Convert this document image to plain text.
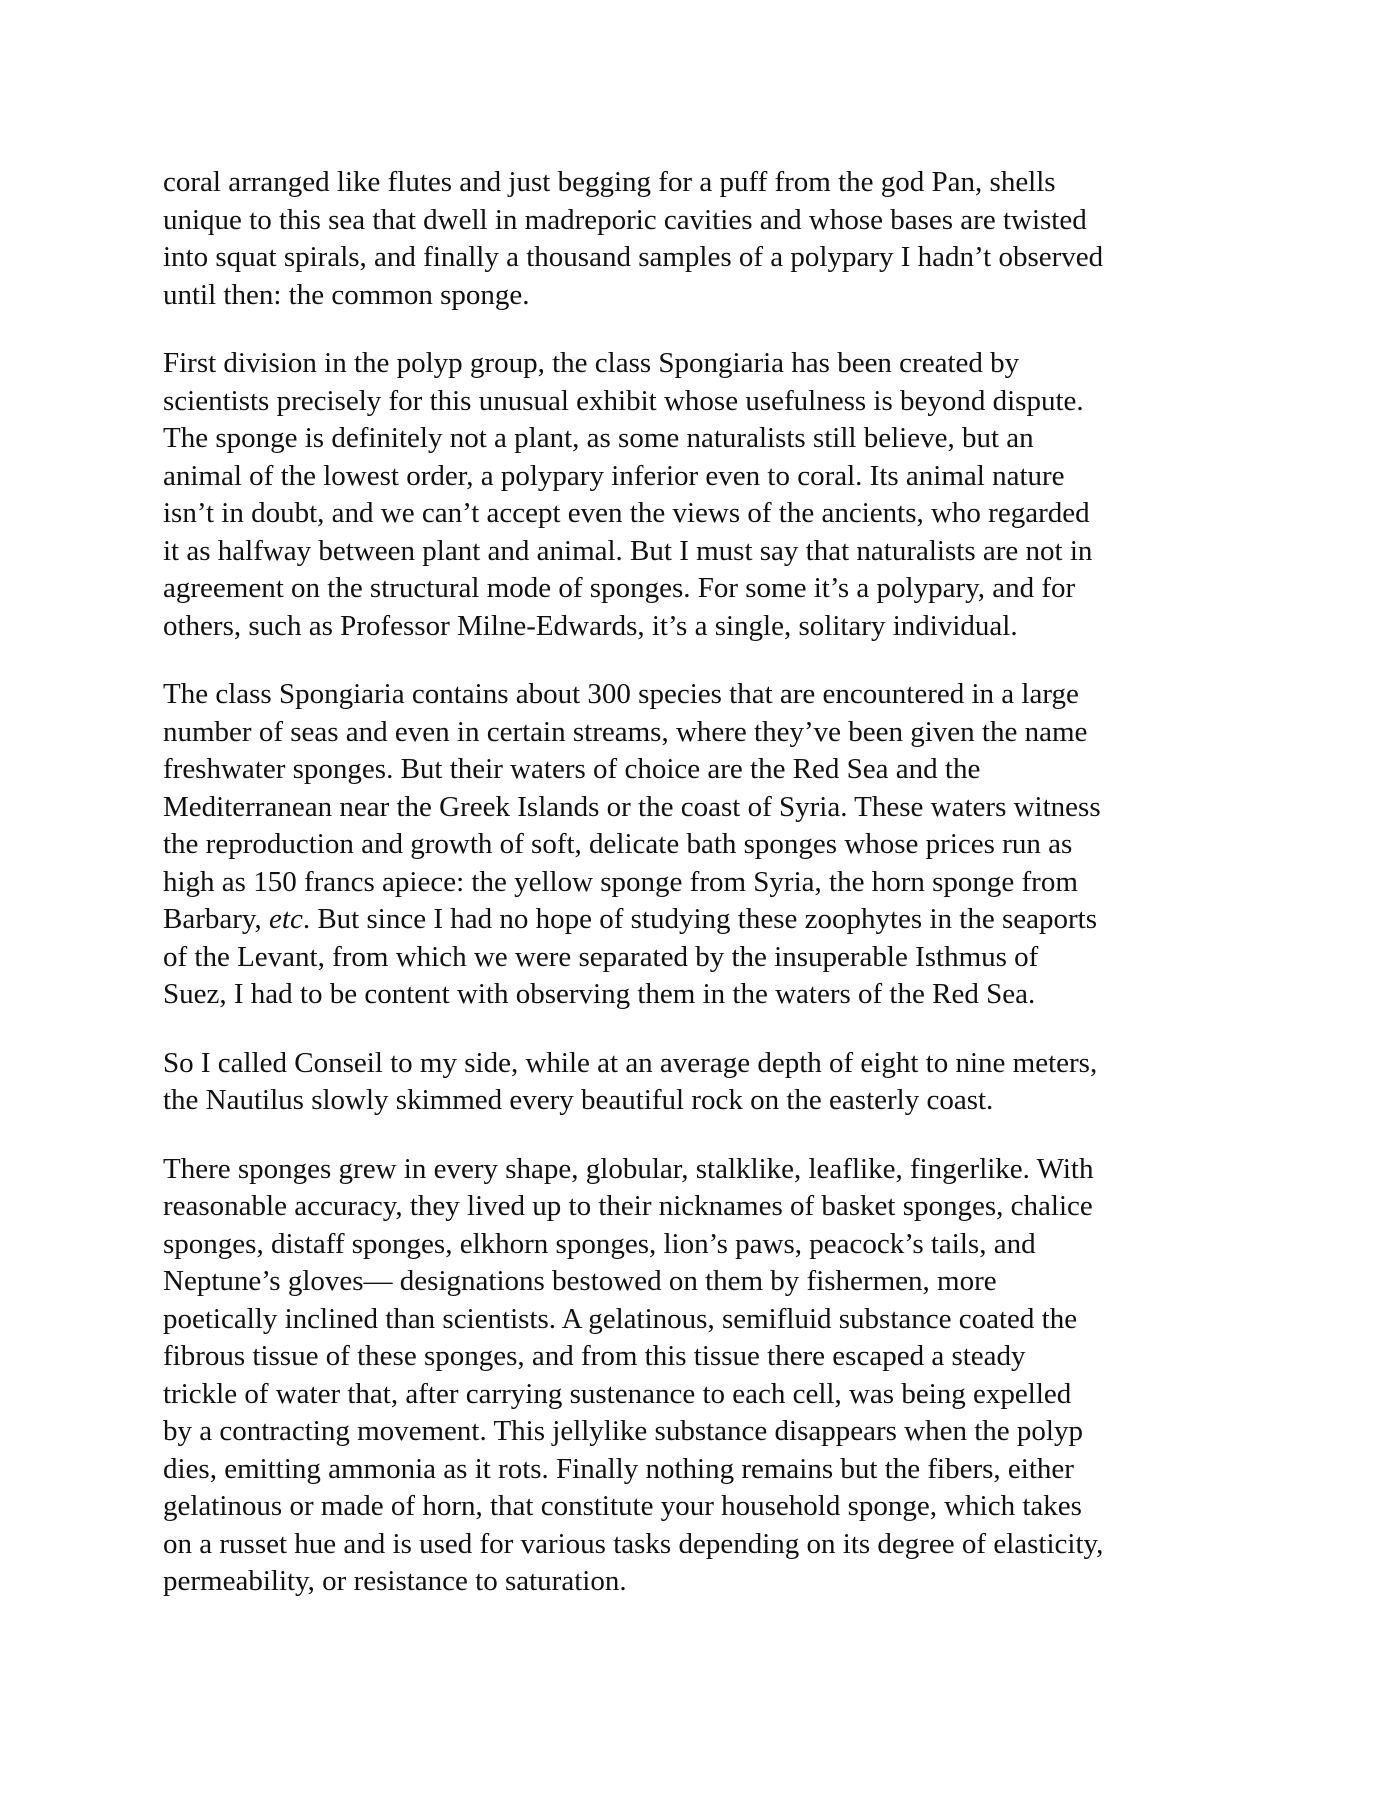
coral arranged like flutes and just begging for a puff from the god Pan, shells
unique to this sea that dwell in madreporic cavities and whose bases are twisted
into squat spirals, and finally a thousand samples of a polypary I hadn’t observed
until then: the common sponge.

First division in the polyp group, the class Spongiaria has been created by
scientists precisely for this unusual exhibit whose usefulness is beyond dispute.
The sponge is definitely not a plant, as some naturalists still believe, but an
animal of the lowest order, a polypary inferior even to coral. Its animal nature
isn’t in doubt, and we can’t accept even the views of the ancients, who regarded
it as halfway between plant and animal. But I must say that naturalists are not in
agreement on the structural mode of sponges. For some it’s a polypary, and for
others, such as Professor Milne-Edwards, it’s a single, solitary individual.

The class Spongiaria contains about 300 species that are encountered in a large
number of seas and even in certain streams, where they’ve been given the name
freshwater sponges. But their waters of choice are the Red Sea and the
Mediterranean near the Greek Islands or the coast of Syria. These waters witness
the reproduction and growth of soft, delicate bath sponges whose prices run as
high as 150 francs apiece: the yellow sponge from Syria, the horn sponge from
Barbary, etc. But since I had no hope of studying these zoophytes in the seaports
of the Levant, from which we were separated by the insuperable Isthmus of
Suez, I had to be content with observing them in the waters of the Red Sea.

So I called Conseil to my side, while at an average depth of eight to nine meters,
the Nautilus slowly skimmed every beautiful rock on the easterly coast.

There sponges grew in every shape, globular, stalklike, leaflike, fingerlike. With
reasonable accuracy, they lived up to their nicknames of basket sponges, chalice
sponges, distaff sponges, elkhorn sponges, lion’s paws, peacock’s tails, and
Neptune’s gloves— designations bestowed on them by fishermen, more
poetically inclined than scientists. A gelatinous, semifluid substance coated the
fibrous tissue of these sponges, and from this tissue there escaped a steady
trickle of water that, after carrying sustenance to each cell, was being expelled
by a contracting movement. This jellylike substance disappears when the polyp
dies, emitting ammonia as it rots. Finally nothing remains but the fibers, either
gelatinous or made of horn, that constitute your household sponge, which takes
on a russet hue and is used for various tasks depending on its degree of elasticity,
permeability, or resistance to saturation.
